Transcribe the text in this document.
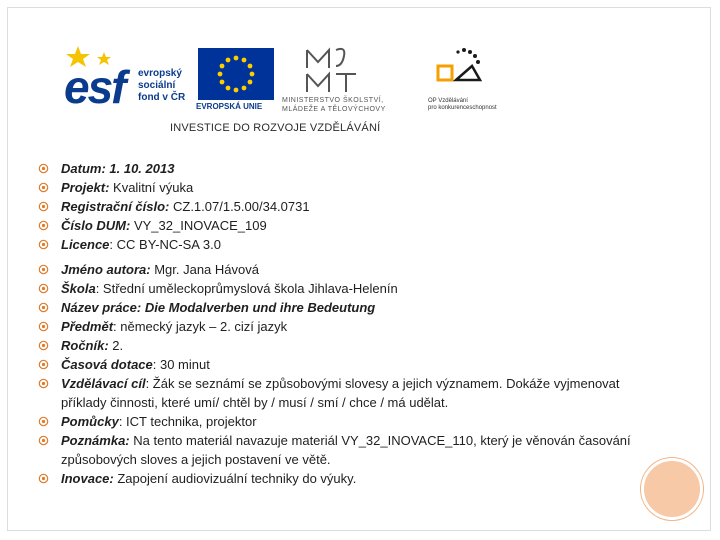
esf evropský sociální fond v ČR
EVROPSKÁ UNIE
MINISTERSTVO ŠKOLSTVÍ,
MLÁDEŽE A TĚLOVÝCHOVY
OP Vzdělávání
pro konkurenceschopnost
INVESTICE DO ROZVOJE VZDĚLÁVÁNÍ
Datum: 1. 10. 2013
Projekt: Kvalitní výuka
Registrační číslo: CZ.1.07/1.5.00/34.0731
Číslo DUM: VY_32_INOVACE_109
Licence: CC BY-NC-SA 3.0
Jméno autora: Mgr. Jana Hávová
Škola: Střední uměleckoprůmyslová škola Jihlava-Helenín
Název práce: Die Modalverben und ihre Bedeutung
Předmět: německý jazyk – 2. cizí jazyk
Ročník: 2.
Časová dotace: 30 minut
Vzdělávací cíl: Žák se seznámí se způsobovými slovesy a jejich významem. Dokáže vyjmenovat příklady činnosti, které umí/ chtěl by / musí / smí / chce / má udělat.
Pomůcky: ICT technika, projektor
Poznámka: Na tento materiál navazuje materiál VY_32_INOVACE_110, který je věnován časování způsobových sloves a jejich postavení ve větě.
Inovace: Zapojení audiovizuální techniky do výuky.
